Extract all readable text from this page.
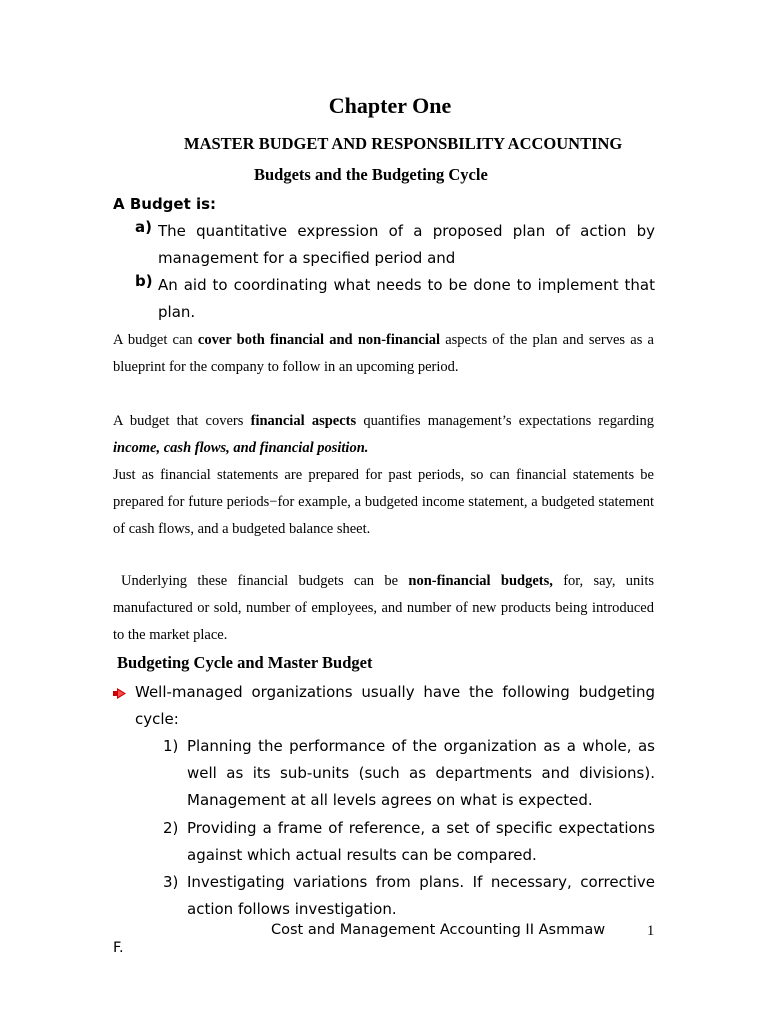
Chapter One
MASTER BUDGET AND RESPONSBILITY ACCOUNTING
Budgets and the Budgeting Cycle
A Budget is:
a) The quantitative expression of a proposed plan of action by management for a specified period and
b) An aid to coordinating what needs to be done to implement that plan.
A budget can cover both financial and non-financial aspects of the plan and serves as a blueprint for the company to follow in an upcoming period.
A budget that covers financial aspects quantifies management’s expectations regarding income, cash flows, and financial position.
Just as financial statements are prepared for past periods, so can financial statements be prepared for future periods−for example, a budgeted income statement, a budgeted statement of cash flows, and a budgeted balance sheet.
Underlying these financial budgets can be non-financial budgets, for, say, units manufactured or sold, number of employees, and number of new products being introduced to the market place.
Budgeting Cycle and Master Budget
Well-managed organizations usually have the following budgeting cycle:
1) Planning the performance of the organization as a whole, as well as its sub-units (such as departments and divisions). Management at all levels agrees on what is expected.
2) Providing a frame of reference, a set of specific expectations against which actual results can be compared.
3) Investigating variations from plans. If necessary, corrective action follows investigation.
Cost and Management Accounting II Asmmaw	1
F.
